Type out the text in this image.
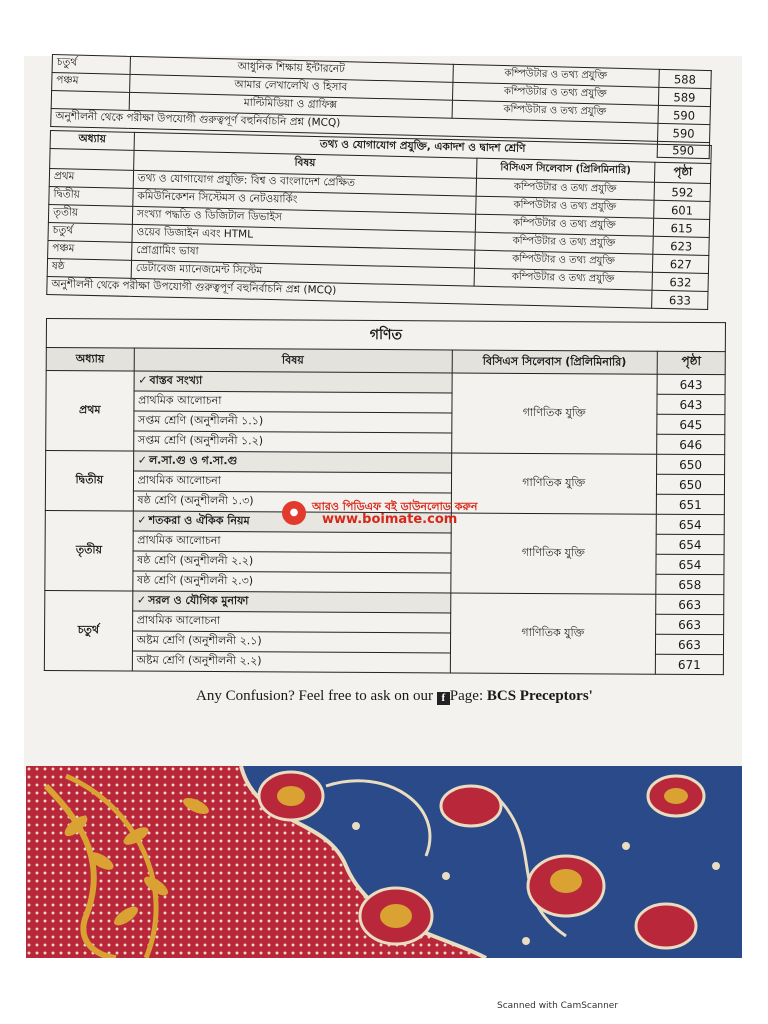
চতুর্থ	আধুনিক শিক্ষায় ইন্টারনেট	কম্পিউটার ও তথ্য প্রযুক্তি	588
পঞ্চম	আমার লেখালেখি ও হিসাব	কম্পিউটার ও তথ্য প্রযুক্তি	589
	মাল্টিমিডিয়া ও গ্রাফিক্স	কম্পিউটার ও তথ্য প্রযুক্তি	590
অনুশীলনী থেকে পরীক্ষা উপযোগী গুরুত্বপূর্ণ বহুনির্বাচনি প্রশ্ন (MCQ)			590
			590
অধ্যায়	তথ্য ও যোগাযোগ প্রযুক্তি, একাদশ ও দ্বাদশ শ্রেণি		
	বিষয়	বিসিএস সিলেবাস (প্রিলিমিনারি)	পৃষ্ঠা
প্রথম	তথ্য ও যোগাযোগ প্রযুক্তি: বিশ্ব ও বাংলাদেশ প্রেক্ষিত	কম্পিউটার ও তথ্য প্রযুক্তি	592
দ্বিতীয়	কমিউনিকেশন সিস্টেমস ও নেটওয়ার্কিং	কম্পিউটার ও তথ্য প্রযুক্তি	601
তৃতীয়	সংখ্যা পদ্ধতি ও ডিজিটাল ডিভাইস	কম্পিউটার ও তথ্য প্রযুক্তি	615
চতুর্থ	ওয়েব ডিজাইন এবং HTML	কম্পিউটার ও তথ্য প্রযুক্তি	623
পঞ্চম	প্রোগ্রামিং ভাষা	কম্পিউটার ও তথ্য প্রযুক্তি	627
ষষ্ঠ	ডেটাবেজ ম্যানেজমেন্ট সিস্টেম	কম্পিউটার ও তথ্য প্রযুক্তি	632
অনুশীলনী থেকে পরীক্ষা উপযোগী গুরুত্বপূর্ণ বহুনির্বাচনি প্রশ্ন (MCQ)			633
গণিত			
অধ্যায়	বিষয়	বিসিএস সিলেবাস (প্রিলিমিনারি)	পৃষ্ঠা
প্রথম	✓ বাস্তব সংখ্যা	গাণিতিক যুক্তি	643
	প্রাথমিক আলোচনা		643
	সপ্তম শ্রেণি (অনুশীলনী ১.১)		645
	সপ্তম শ্রেণি (অনুশীলনী ১.২)		646
দ্বিতীয়	✓ ল.সা.গু ও গ.সা.গু	গাণিতিক যুক্তি	650
	প্রাথমিক আলোচনা		650
	ষষ্ঠ শ্রেণি (অনুশীলনী ১.৩)		651
তৃতীয়	✓ শতকরা ও ঐকিক নিয়ম	গাণিতিক যুক্তি	654
	প্রাথমিক আলোচনা		654
	ষষ্ঠ শ্রেণি (অনুশীলনী ২.২)		654
	ষষ্ঠ শ্রেণি (অনুশীলনী ২.৩)		658
চতুর্থ	✓ সরল ও যৌগিক মুনাফা	গাণিতিক যুক্তি	663
	প্রাথমিক আলোচনা		663
	অষ্টম শ্রেণি (অনুশীলনী ২.১)		663
	অষ্টম শ্রেণি (অনুশীলনী ২.২)		671
●	আরও পিডিএফ বই ডাউনলোড করুন
www.boimate.com
Any Confusion? Feel free to ask on our f Page: BCS Preceptors'
Scanned with CamScanner
